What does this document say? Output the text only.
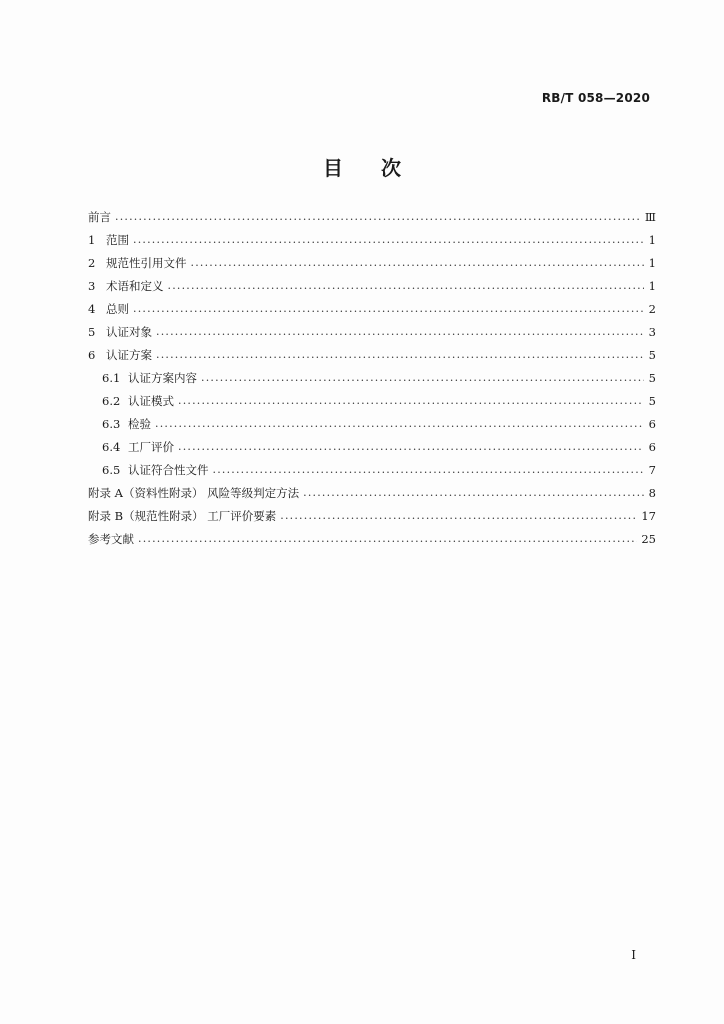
RB/T 058—2020
目次
前言 ·····	Ⅲ
1 范围 ·····	1
2 规范性引用文件 ·····	1
3 术语和定义 ·····	1
4 总则 ·····	2
5 认证对象 ·····	3
6 认证方案 ·····	5
6.1 认证方案内容 ·····	5
6.2 认证模式 ·····	5
6.3 检验 ·····	6
6.4 工厂评价 ·····	6
6.5 认证符合性文件 ·····	7
附录 A（资料性附录） 风险等级判定方法 ·····	8
附录 B（规范性附录） 工厂评价要素 ·····	17
参考文献 ·····	25
I
